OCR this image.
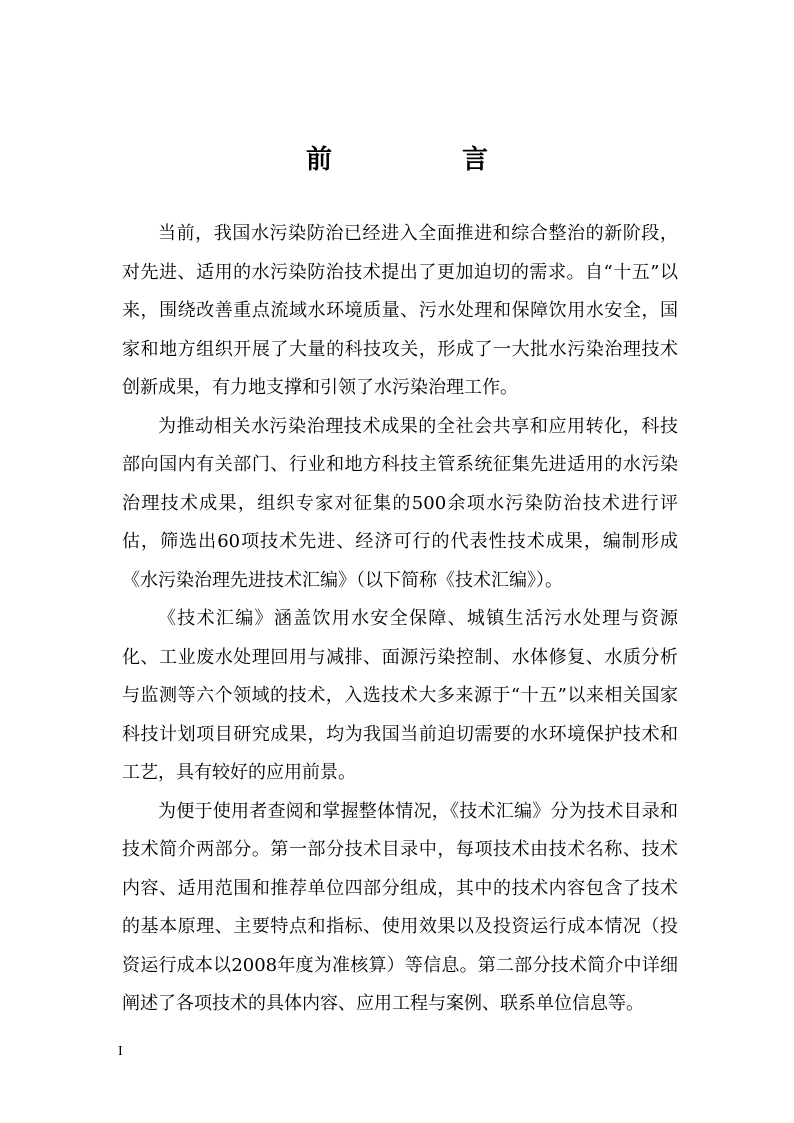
前　言

当前，我国水污染防治已经进入全面推进和综合整治的新阶段，对先进、适用的水污染防治技术提出了更加迫切的需求。自“十五”以来，围绕改善重点流域水环境质量、污水处理和保障饮用水安全，国家和地方组织开展了大量的科技攻关，形成了一大批水污染治理技术创新成果，有力地支撑和引领了水污染治理工作。

为推动相关水污染治理技术成果的全社会共享和应用转化，科技部向国内有关部门、行业和地方科技主管系统征集先进适用的水污染治理技术成果，组织专家对征集的500余项水污染防治技术进行评估，筛选出60项技术先进、经济可行的代表性技术成果，编制形成《水污染治理先进技术汇编》（以下简称《技术汇编》）。

《技术汇编》涵盖饮用水安全保障、城镇生活污水处理与资源化、工业废水处理回用与减排、面源污染控制、水体修复、水质分析与监测等六个领域的技术，入选技术大多来源于“十五”以来相关国家科技计划项目研究成果，均为我国当前迫切需要的水环境保护技术和工艺，具有较好的应用前景。

为便于使用者查阅和掌握整体情况，《技术汇编》分为技术目录和技术简介两部分。第一部分技术目录中，每项技术由技术名称、技术内容、适用范围和推荐单位四部分组成，其中的技术内容包含了技术的基本原理、主要特点和指标、使用效果以及投资运行成本情况（投资运行成本以2008年度为准核算）等信息。第二部分技术简介中详细阐述了各项技术的具体内容、应用工程与案例、联系单位信息等。

I
